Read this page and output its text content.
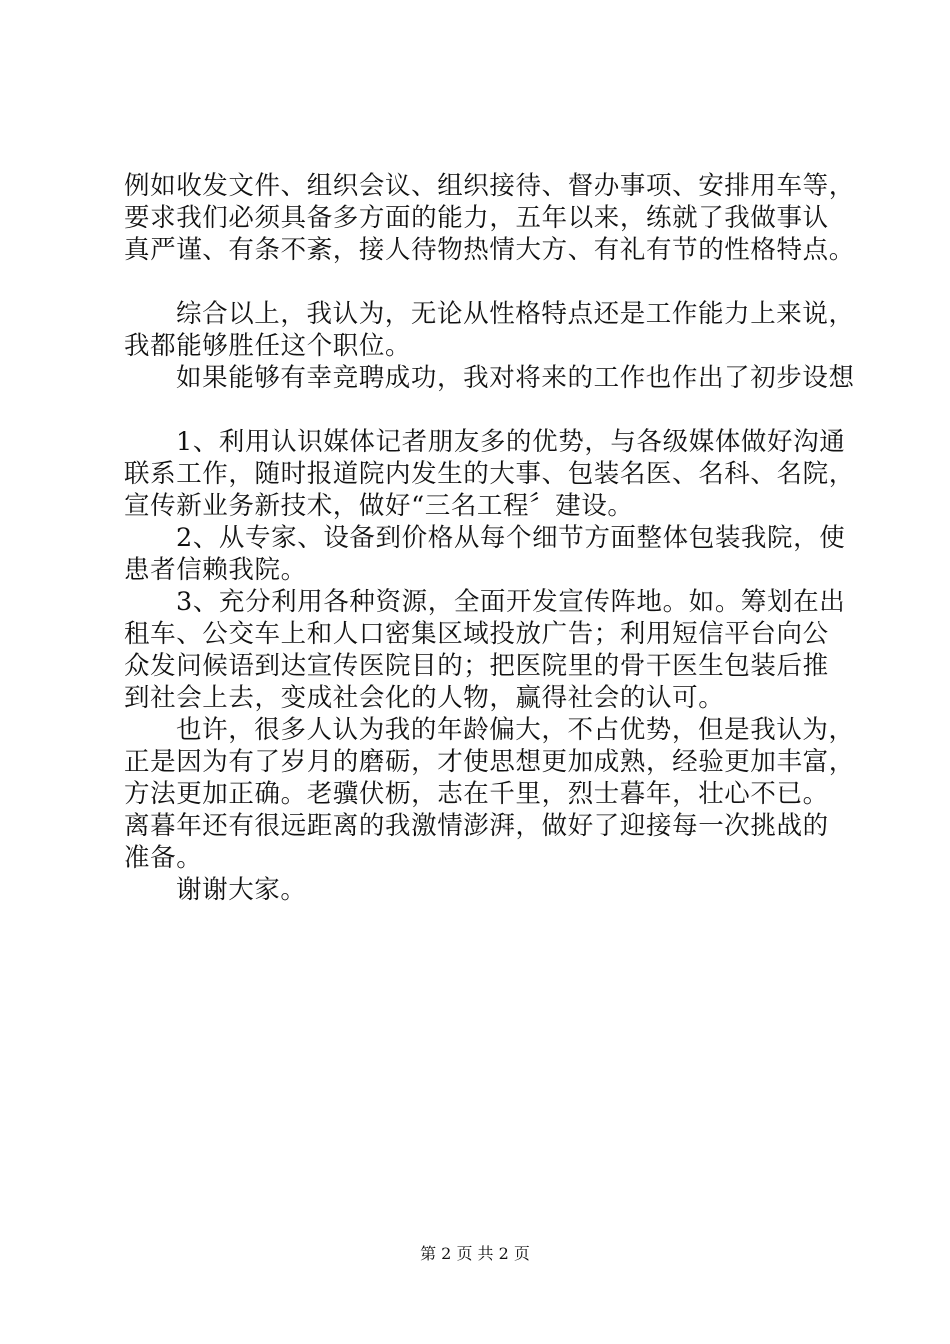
例如收发文件、组织会议、组织接待、督办事项、安排用车等，
要求我们必须具备多方面的能力，五年以来，练就了我做事认
真严谨、有条不紊，接人待物热情大方、有礼有节的性格特点。
综合以上，我认为，无论从性格特点还是工作能力上来说，
我都能够胜任这个职位。
如果能够有幸竞聘成功，我对将来的工作也作出了初步设想
1、利用认识媒体记者朋友多的优势，与各级媒体做好沟通
联系工作，随时报道院内发生的大事、包装名医、名科、名院，
宣传新业务新技术，做好“三名工程〞建设。
2、从专家、设备到价格从每个细节方面整体包装我院，使
患者信赖我院。
3、充分利用各种资源，全面开发宣传阵地。如。筹划在出
租车、公交车上和人口密集区域投放广告；利用短信平台向公
众发问候语到达宣传医院目的；把医院里的骨干医生包装后推
到社会上去，变成社会化的人物，赢得社会的认可。
也许，很多人认为我的年龄偏大，不占优势，但是我认为，
正是因为有了岁月的磨砺，才使思想更加成熟，经验更加丰富，
方法更加正确。老骥伏枥，志在千里，烈士暮年，壮心不已。
离暮年还有很远距离的我激情澎湃，做好了迎接每一次挑战的
准备。
谢谢大家。
第 2 页 共 2 页
